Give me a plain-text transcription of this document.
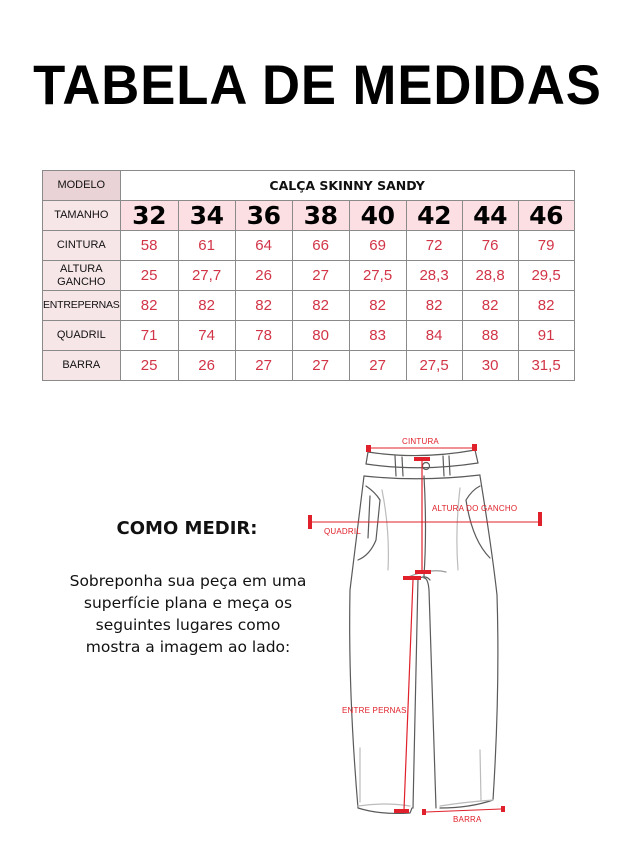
TABELA DE MEDIDAS
MODELO	CALÇA SKINNY SANDY							
TAMANHO	32	34	36	38	40	42	44	46
CINTURA	58	61	64	66	69	72	76	79

ALTURA
GANCHO	25	27,7	26	27	27,5	28,3	28,8	29,5
ENTREPERNAS	82	82	82	82	82	82	82	82
QUADRIL	71	74	78	80	83	84	88	91
BARRA	25	26	27	27	27	27,5	30	31,5
COMO MEDIR:
Sobreponha sua peça em uma
superfície plana e meça os
seguintes lugares como
mostra a imagem ao lado:
CINTURA
ALTURA DO GANCHO
QUADRIL
ENTRE PERNAS
BARRA
